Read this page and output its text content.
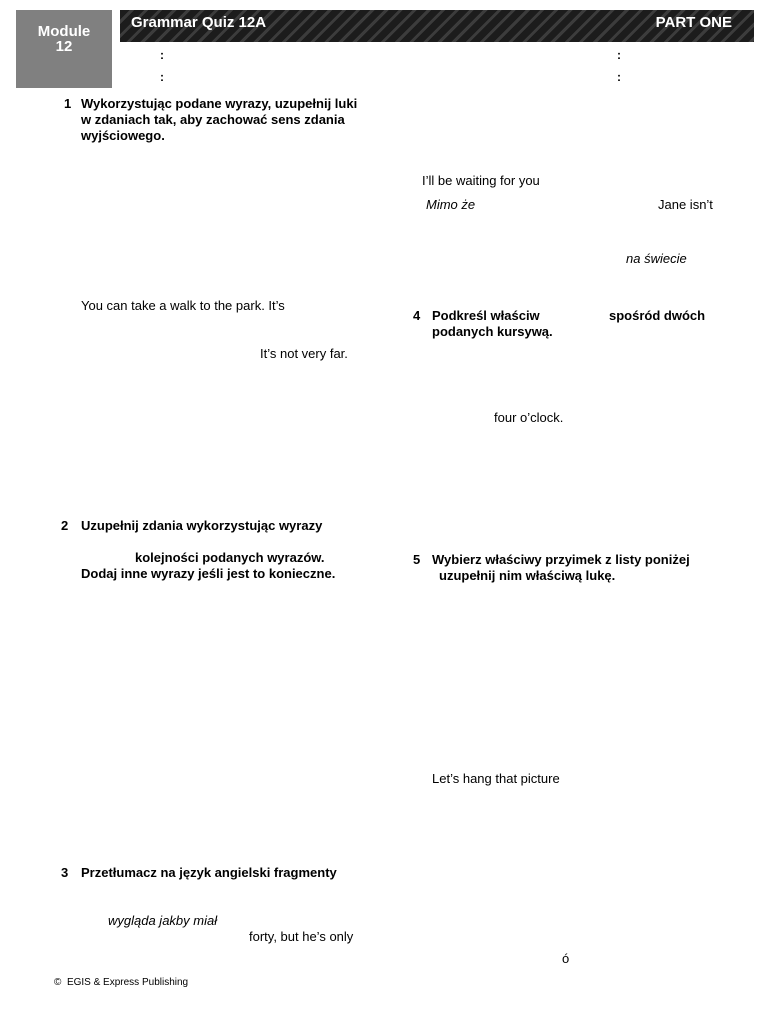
Module
12
Grammar Quiz 12A	PART ONE
:
:
:
:
1 Wykorzystując podane wyrazy, uzupełnij luki
w zdaniach tak, aby zachować sens zdania
wyjściowego.
You can take a walk to the park. It’s
It’s not very far.
2 Uzupełnij zdania wykorzystując wyrazy
kolejności podanych wyrazów.
Dodaj inne wyrazy jeśli jest to konieczne.
3 Przetłumacz na język angielski fragmenty
wygląda jakby miał
forty, but he’s only
I’ll be waiting for you
Mimo że	Jane isn’t
na świecie
4 Podkreśl właściw	spośród dwóch
podanych kursywą.
four o’clock.
5 Wybierz właściwy przyimek z listy poniżej
uzupełnij nim właściwą lukę.
Let’s hang that picture
ó
© EGIS & Express Publishing
